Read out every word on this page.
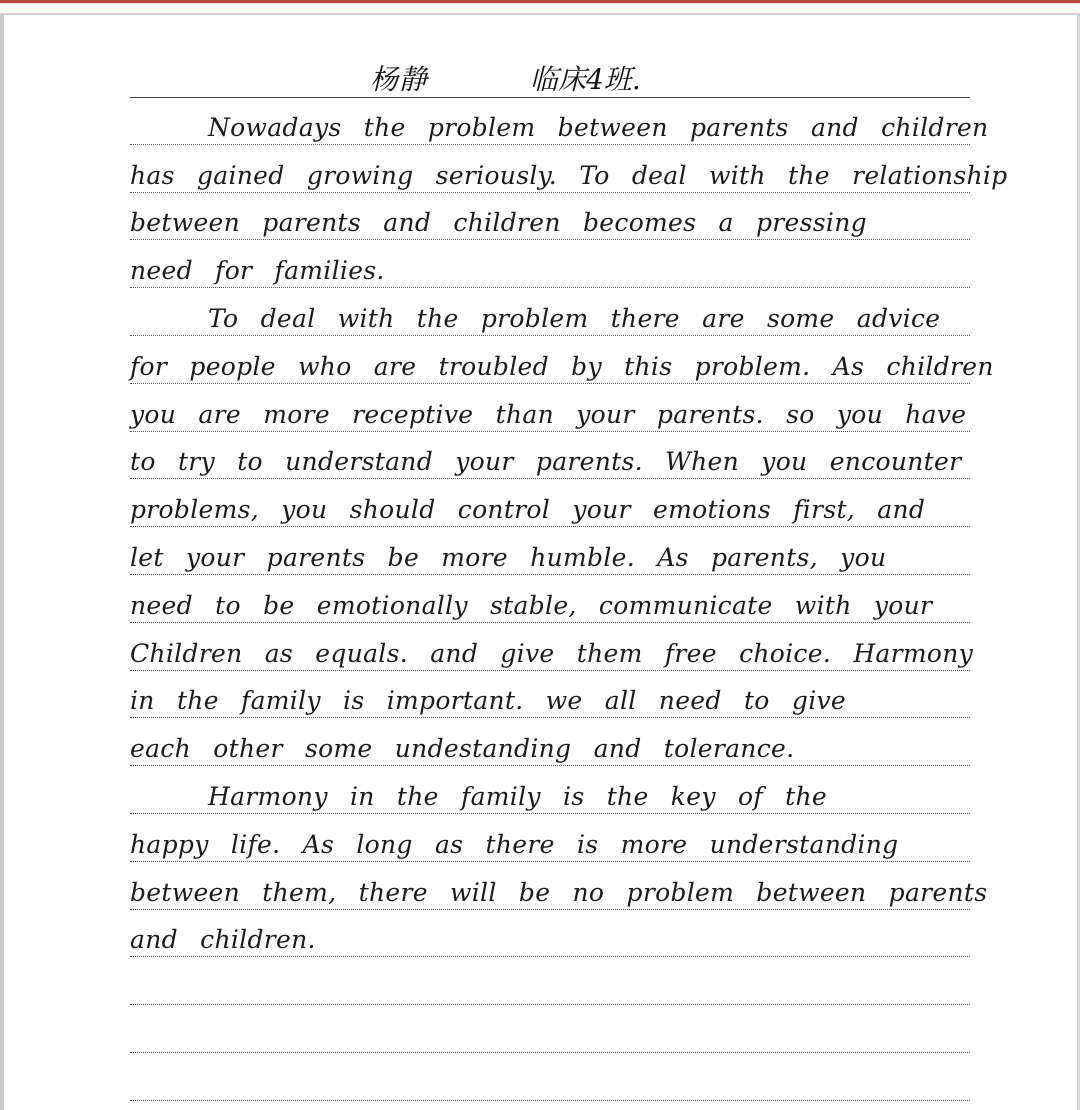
杨静	临床4班.
Nowadays the problem between parents and children
has gained growing seriously. To deal with the relationship
between parents and children becomes a pressing
need for families.
To deal with the problem there are some advice
for people who are troubled by this problem. As children
you are more receptive than your parents. so you have
to try to understand your parents. When you encounter
problems, you should control your emotions first, and
let your parents be more humble. As parents, you
need to be emotionally stable, communicate with your
Children as equals. and give them free choice. Harmony
in the family is important. we all need to give
each other some undestanding and tolerance.
Harmony in the family is the key of the
happy life. As long as there is more understanding
between them, there will be no problem between parents
and children.
